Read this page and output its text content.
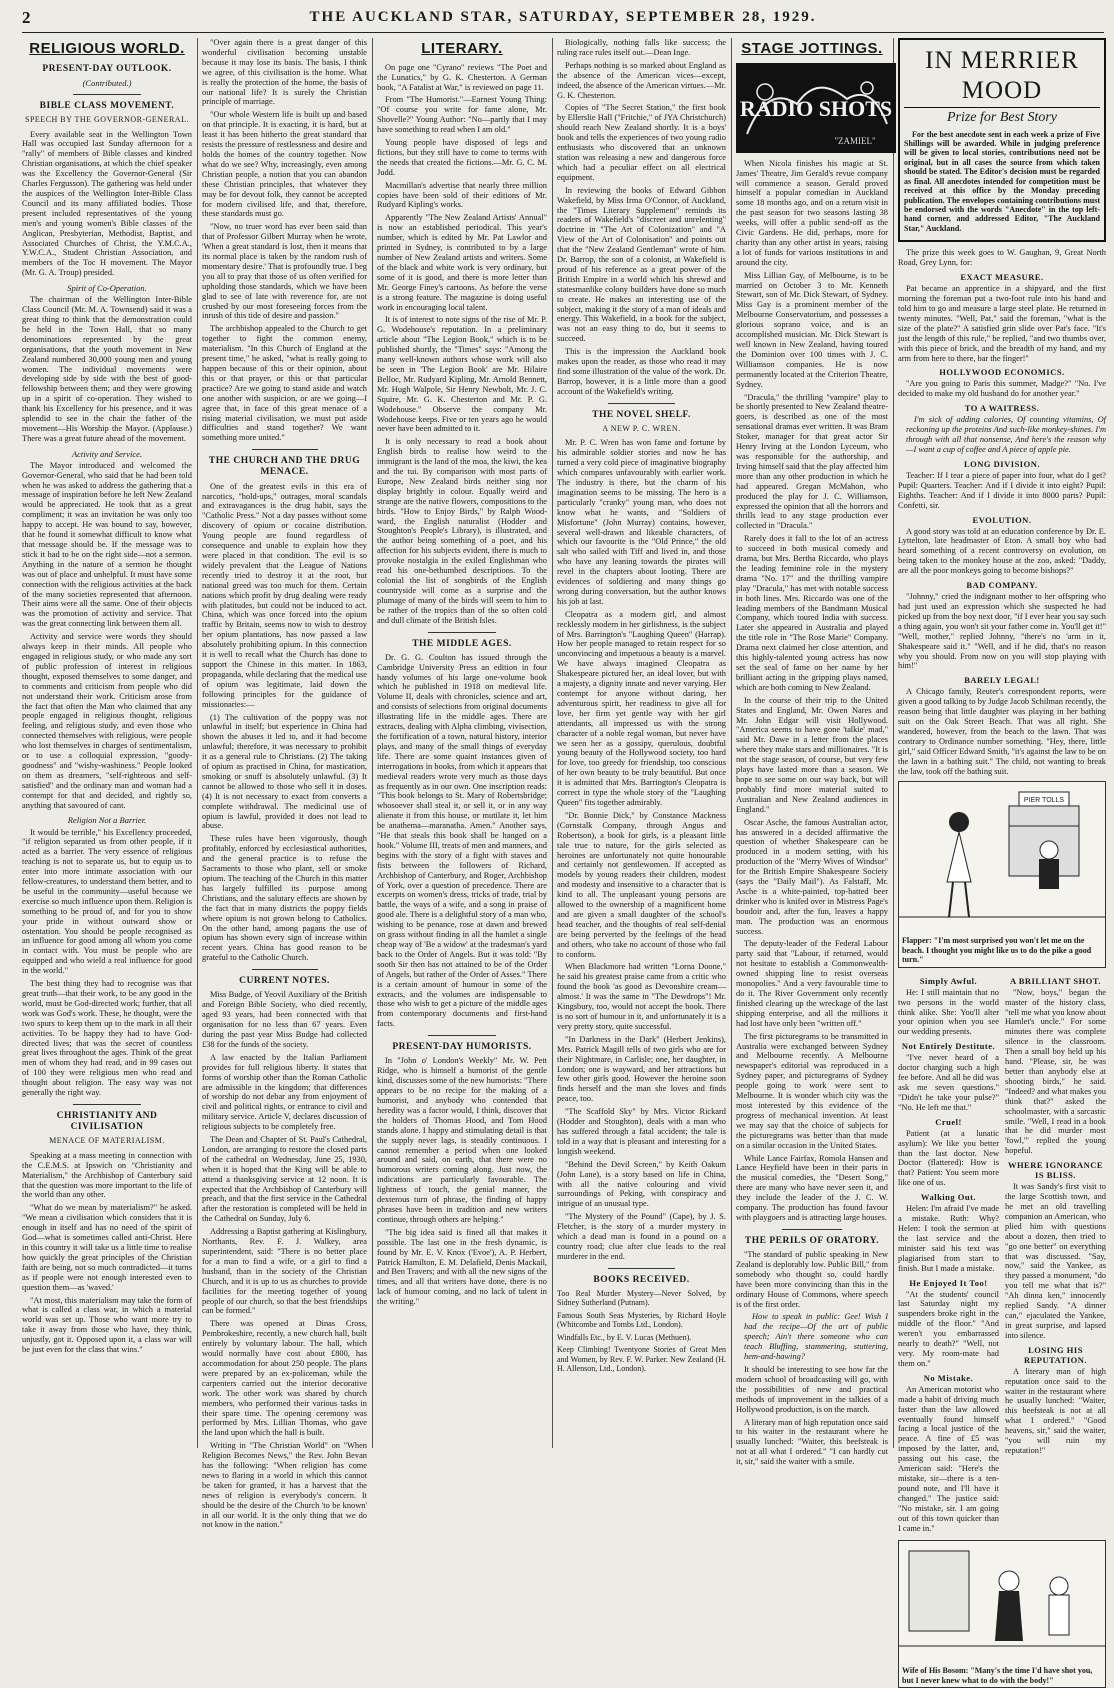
2	THE AUCKLAND STAR, SATURDAY, SEPTEMBER 28, 1929.
RELIGIOUS WORLD.
PRESENT-DAY OUTLOOK.
(Contributed.)
BIBLE CLASS MOVEMENT.
SPEECH BY THE GOVERNOR-GENERAL.

Every available seat in the Wellington Town Hall was occupied last Sunday afternoon for a "rally" of members of Bible classes and kindred Christian organisations, at which the chief speaker was the Excellency the Governor-General (Sir Charles Fergusson). The gathering was held under the auspices of the Wellington Inter-Bible Class Council and its many affiliated bodies. Those present included representatives of the young men's and young women's Bible classes of the Anglican, Presbyterian, Methodist, Baptist, and Associated Churches of Christ, the Y.M.C.A., Y.W.C.A., Student Christian Association, and members of the Toc H movement. The Mayor (Mr. G. A. Troup) presided.

Spirit of Co-Operation.

The chairman of the Wellington Inter-Bible Class Council (Mr. M. A. Townsend) said it was a great thing to think that the demonstration could be held in the Town Hall, that so many denominations represented by the great organisations, that the youth movement in New Zealand numbered 30,000 young men and young women. The individual movements were developing side by side with the best of good-fellowship between them; and they were growing up in a spirit of co-operation. They wished to thank his Excellency for his presence, and it was splendid to see in the chair the father of the movement—His Worship the Mayor. (Applause.) There was a great future ahead of the movement.

Activity and Service.

The Mayor introduced and welcomed the Governor-General, who said that he had been told when he was asked to address the gathering that a message of inspiration before he left New Zealand would be appreciated. He took that as a great compliment; it was an invitation he was only too happy to accept. He was bound to say, however, that he found it somewhat difficult to know what that message should be. If the message was to stick it had to be on the right side—not a sermon. Anything in the nature of a sermon he thought was out of place and unhelpful. It must have some connection with the religious activities at the back of the many societies represented that afternoon. Their aims were all the same. One of their objects was the promotion of activity and service. That was the great connecting link between them all.

Activity and service were words they should always keep in their minds. All people who engaged in religious study, or who made any sort of public profession of interest in religious thought, exposed themselves to some danger, and to comments and criticism from people who did not understand their work. Criticism arose from the fact that often the Man who claimed that any people engaged in religious thought, religious feeling, and religious study, and even those who connected themselves with religious, were people who lost themselves in charges of sentimentalism, or to use a colloquial expression, "goody-goodness" and "wishy-washiness." People looked on them as dreamers, "self-righteous and self-satisfied" and the ordinary man and woman had a contempt for that and decided, and rightly so, anything that savoured of cant.

Religion Not a Barrier.

It would be terrible," his Excellency proceeded, "if religion separated us from other people, if it acted as a barrier. The very essence of religious teaching is not to separate us, but to equip us to enter into more intimate association with our fellow-creatures, to understand them better, and to be useful in the community—useful because we exercise so much influence upon them. Religion is something to be proud of, and for you to show your pride in without outward show or ostentation. You should be people recognised as an influence for good among all whom you come in contact with. You must be people who are equipped and who wield a real influence for good in the world."

The best thing they had to recognise was that great truth—that their work, to be any good in the world, must be God-directed work; further, that all work was God's work. These, he thought, were the two spurs to keep them up to the mark in all their activities. To be happy they had to have God-directed lives; that was the secret of countless great lives throughout the ages. Think of the great men of whom they had read, and in 99 cases out of 100 they were religious men who read and thought about religion. The easy way was not generally the right way.

CHRISTIANITY AND CIVILISATION
MENACE OF MATERIALISM.

Speaking at a mass meeting in connection with the C.E.M.S. at Ipswich on "Christianity and Materialism," the Archbishop of Canterbury said that the question was more important to the life of the world than any other.

"What do we mean by materialism?" he asked. "We mean a civilisation which considers that it is enough in itself and has no need of the spirit of God—what is sometimes called anti-Christ. Here in this country it will take us a little time to realise how quickly the great principles of the Christian faith are being, not so much contradicted—it turns as if people were not enough interested even to question them—as 'waved.'

"At most, this materialism may take the form of what is called a class war, in which a material world was set up. Those who want more try to take it away from those who have, they think, unjustly, got it. Opposed upon it, a class war will be just even for the class that wins."

"Over again there is a great danger of this wonderful civilisation becoming unstable because it may lose its basis. The basis, I think we agree, of this civilisation is the home. What is really the protection of the home, the basis of our national life? It is surely the Christian principle of marriage.

"Our whole Western life is built up and based on that principle. It is exacting, it is hard, but at least it has been hitherto the great standard that resists the pressure of restlessness and desire and holds the homes of the country together. Now what do we see? Why, increasingly, even among Christian people, a notion that you can abandon these Christian principles, that whatever they may be for devout folk, they cannot be accepted for modern civilised life, and that, therefore, these standards must go.

"Now, no truer word has ever been said than that of Professor Gilbert Murray when he wrote, 'When a great standard is lost, then it means that its normal place is taken by the random rush of momentary desire.' That is profoundly true. I beg you all to pray that those of us often verified for upholding those standards, which we have been glad to see of late with reverence for, are not crushed by our most foreseeing forces from the inrush of this tide of desire and passion."

The archbishop appealed to the Church to get together to fight the common enemy, materialism. "In this Church of England at the present time," he asked, "what is really going to happen because of this or their opinion, about this or that prayer, or this or that particular practice? Are we going to stand aside and watch one another with suspicion, or are we going—I agree that, in face of this great menace of a rising material civilisation, we must put aside difficulties and stand together? We want something more united."

THE CHURCH AND THE DRUG MENACE.

One of the greatest evils in this era of narcotics, "hold-ups," outrages, moral scandals and extravagances is the drug habit, says the "Catholic Press." Not a day passes without some discovery of opium or cocaine distribution. Young people are found regardless of consequence and unable to explain how they were placed in that condition. The evil is so widely prevalent that the League of Nations recently tried to destroy it at the root, but national greed was too much for them. Certain nations which profit by drug dealing were ready with platitudes, but could not be induced to act. China, which was once forced into the opium traffic by Britain, seems now to wish to destroy her opium plantations, has now passed a law absolutely prohibiting opium. In this connection it is well to recall what the Church has done to support the Chinese in this matter. In 1863, propaganda, while declaring that the medical use of opium was legitimate, laid down the following principles for the guidance of missionaries:—

(1) The cultivation of the poppy was not unlawful in itself; but experience in China had shown the abuses it led to, and it had become unlawful; therefore, it was necessary to prohibit it as a general rule to Christians. (2) The taking of opium as practised in China, for mastication, smoking or snuff is absolutely unlawful. (3) It cannot be allowed to those who sell it in doses. (4) It is not necessary to exact from converts a complete withdrawal. The medicinal use of opium is lawful, provided it does not lead to abuse.

These rules have been vigorously, though profitably, enforced by ecclesiastical authorities, and the general practice is to refuse the Sacraments to those who plant, sell or smoke opium. The teaching of the Church in this matter has largely fulfilled its purpose among Christians, and the salutary effects are shown by the fact that in many districts the poppy fields where opium is not grown belong to Catholics. On the other hand, among pagans the use of opium has shown every sign of increase within recent years. China has good reason to be grateful to the Catholic Church.

CURRENT NOTES.

Miss Budge, of Yeovil Auxiliary of the British and Foreign Bible Society, who died recently, aged 93 years, had been connected with that organisation for no less than 67 years. Even during the past year Miss Budge had collected £38 for the funds of the society.

A law enacted by the Italian Parliament provides for full religious liberty. It states that forms of worship other than the Roman Catholic are admissible in the kingdom; that differences of worship do not debar any from enjoyment of civil and political rights, or entrance to civil and military service. Article V, declares discussion of religious subjects to be completely free.

The Dean and Chapter of St. Paul's Cathedral, London, are arranging to restore the closed parts of the cathedral on Wednesday, June 25, 1930, when it is hoped that the King will be able to attend a thanksgiving service at 12 noon. It is expected that the Archbishop of Canterbury will preach, and that the first service in the Cathedral after the restoration is completed will be held in the Cathedral on Sunday, July 6.

Addressing a Baptist gathering at Kislingbury, Northants, Rev. F. J. Walkey, area superintendent, said: "There is no better place for a man to find a wife, or a girl to find a husband, than in the society of the Christian Church, and it is up to us as churches to provide facilities for the meeting together of young people of our church, so that the best friendships can be formed."

There was opened at Dinas Cross, Pembrokeshire, recently, a new church hall, built entirely by voluntary labour. The hall, which would normally have cost about £800, has accommodation for about 250 people. The plans were prepared by an ex-policeman, while the carpenters carried out the interior decorative work. The other work was shared by church members, who performed their various tasks in their spare time. The opening ceremony was performed by Mrs. Lillian Thomas, who gave the land upon which the hall is built.

Writing in "The Christian World" on "When Religion Becomes News," the Rev. John Bevan has the following: "When religion has come news to flaring in a world in which this cannot be taken for granted, it has a harvest that the news of religion is everybody's concern. It should be the desire of the Church 'to be known' in all our world. It is the only thing that we do not know in the nation."

LITERARY.

On page one "Cyrano" reviews "The Poet and the Lunatics," by G. K. Chesterton. A German book, "A Fatalist at War," is reviewed on page 11.

From "The Humorist."—Earnest Young Thing: "Of course you write for fame alone, Mr. Shovelle?" Young Author: "No—partly that I may have something to read when I am old."

Young people have disposed of legs and fictions, but they still have to come to terms with the needs that created the fictions.—Mr. G. C. M. Judd.

Macmillan's advertise that nearly three million copies have been sold of their editions of Mr. Rudyard Kipling's works.

Apparently "The New Zealand Artists' Annual" is now an established periodical. This year's number, which is edited by Mr. Pat Lawlor and printed in Sydney, is contributed to by a large number of New Zealand artists and writers. Some of the black and white work is very ordinary, but some of it is good, and there is more letter than Mr. George Finey's cartoons. As before the verse is a strong feature. The magazine is doing useful work in encouraging local talent.

It is of interest to note signs of the rise of Mr. P. G. Wodehouse's reputation. In a preliminary article about "The Legion Book," which is to be published shortly, the "Times" says: "Among the many well-known authors whose work will also be seen in 'The Legion Book' are Mr. Hilaire Belloc, Mr. Rudyard Kipling, Mr. Arnold Bennett, Mr. Hugh Walpole, Sir Henry Newbolt, Mr. J. C. Squire, Mr. G. K. Chesterton and Mr. P. G. Wodehouse." Observe the company Mr. Wodehouse keeps. Five or ten years ago he would never have been admitted to it.

It is only necessary to read a book about English birds to realise how weird to the immigrant is the land of the moa, the kiwi, the kea and the tui. By comparison with most parts of Europe, New Zealand birds neither sing nor display brightly in colour. Equally weird and strange are the native flowers, compositions to the birds. "How to Enjoy Birds," by Ralph Wood-ward, the English naturalist (Hodder and Stoughton's People's Library), is illustrated, and the author being something of a poet, and his affection for his subjects evident, there is much to provoke nostalgia in the exiled Englishman who read his one-bethumbed descriptions. To the colonial the list of songbirds of the English countryside will come as a surprise and the plumage of many of the birds will seem to him to be rather of the tropics than of the so often cold and dull climate of the British Isles.

THE MIDDLE AGES.

Dr. G. G. Coulton has issued through the Cambridge University Press an edition in four handy volumes of his large one-volume book which he published in 1918 on medieval life. Volume II, deals with chronicles, science and art, and consists of selections from original documents illustrating life in the middle ages. There are extracts, dealing with Alpha climbing, vivisection, the fortification of a town, natural history, interior plays, and many of the small things of everyday life. There are some quaint instances given of interrogations in books, from which it appears that medieval readers wrote very much as those days as frequently as in our own. One inscription reads: "This book belongs to St. Mary of Robertsbridge; whosoever shall steal it, or sell it, or in any way alienate it from this house, or mutilate it, let him be anathema—maranatha. Amen." Another says, "He that steals this book shall be hanged on a hook." Volume III, treats of men and manners, and begins with the story of a fight with staves and fists between the followers of Richard, Archbishop of Canterbury, and Roger, Archbishop of York, over a question of precedence. There are excerpts on women's dress, tricks of trade, trial by battle, the ways of a wife, and a song in praise of good ale. There is a delightful story of a man who, wishing to be penance, rose at dawn and brewed on grass without finding in all the hamlet a single cheap way of 'Be a widow' at the tradesman's yard back to the Order of Angels. But it was told: "By sooth Sir then has not attained to be of the Order of Angels, but rather of the Order of Asses." There is a certain amount of humour in some of the extracts, and the volumes are indispensable to those who wish to get a picture of the middle ages from contemporary documents and first-hand facts.

PRESENT-DAY HUMORISTS.

In "John o' London's Weekly" Mr. W. Pett Ridge, who is himself a humorist of the gentle kind, discusses some of the new humorists: "There appears to be no recipe for the making of a humorist, and anybody who contended that heredity was a factor would, I think, discover that the holders of Thomas Hood, and Tom Hood stands alone. I happy and stimulating detail is that the supply never lags, is steadily continuous. I cannot remember a period when one looked around and said, on earth, that there were no humorous writers coming along. Just now, the indications are particularly favourable. The lightness of touch, the genial manner, the dexterous turn of phrase, the finding of happy phrases have been in tradition and new writers continue, through others are helping."

"The big idea said is fined all that makes it possible. The last one in the fresh dynamic, is found by Mr. E. V. Knox ('Evoe'), A. P. Herbert, Patrick Hamilton, E. M. Delafield, Denis Mackail, and Ben Travers; and with all the new signs of the times, and all that writers have done, there is no lack of humour coming, and no lack of talent in the writing."

Biologically, nothing falls like success; the ruling race rules itself out.—Dean Inge.

Perhaps nothing is so marked about England as the absence of the American vices—except, indeed, the absence of the American virtues.—Mr. G. K. Chesterton.

Copies of "The Secret Station," the first book by Ellerslie Hall ("Fritchie," of JYA Christchurch) should reach New Zealand shortly. It is a boys' book and tells the experiences of two young radio enthusiasts who discovered that an unknown station was releasing a new and dangerous force which had a peculiar effect on all electrical equipment.

In reviewing the books of Edward Gibbon Wakefield, by Miss Irma O'Connor, of Auckland, the "Times Literary Supplement" reminds its readers of Wakefield's "discreet and unrelenting" doctrine in "The Art of Colonization" and "A View of the Art of Colonisation" and points out that the "New Zealand Gentleman" wrote of him. Dr. Barrop, the son of a colonist, at Wakefield is proud of his reference as a great power of the British Empire in a world which his shrewd and statesmanlike colony builders have done so much to create. He makes an interesting use of the subject, making it the story of a man of ideals and energy. This Wakefield, in a book for the subject, was not an easy thing to do, but it seems to succeed.

This is the impression the Auckland book makes upon the reader, as those who read it may find some illustration of the value of the work. Dr. Barrop, however, it is a little more than a good account of the Wakefield's writing.

THE NOVEL SHELF.
A NEW P. C. WREN.

Mr. P. C. Wren has won fame and fortune by his admirable soldier stories and now he has turned a very cold piece of imaginative biography which compares unfavourably with earlier work. The industry is there, but the charm of his imagination seems to be missing. The hero is a particularly "cranky" young man, who does not know what he wants, and "Soldiers of Misfortune" (John Murray) contains, however, several well-drawn and likeable characters, of which our favourite is the "Old Prince," the old salt who sailed with Tiff and lived in, and those who have any leaning towards the pirates will revel in the chapters about looting. There are evidences of soldiering and many things go wrong during conversation, but the author knows his job at last.

Cleopatra as a modern girl, and almost recklessly modern in her girlishness, is the subject of Mrs. Barrington's "Laughing Queen" (Harrap). How her people managed to retain respect for so unconvincing and impetuous a beauty is a marvel. We have always imagined Cleopatra as Shakespeare pictured her, an ideal lover, but with a majesty, a dignity innate and never varying. Her contempt for anyone without daring, her adventurous spirit, her readiness to give all for love, her firm yet gentle way with her girl attendants, all impressed us with the strong character of a noble regal woman, but never have we seen her as a gossipy, querulous, doubtful young beauty of the Hollywood society, too hard for love, too greedy for friendship, too conscious of her own beauty to be truly beautiful. But once it is admitted that Mrs. Barrington's Cleopatra is correct in type the whole story of the "Laughing Queen" fits together admirably.

"Dr. Bonnie Dick," by Constance Mackness (Cornstalk Company, through Angus and Robertson), a book for girls, is a pleasant little tale true to nature, for the girls selected as heroines are unfortunately not quite honourable and certainly not gentlewomen. If accepted as models by young readers their children, modest and modesty and insensitive to a character that is kind to all. The unpleasant young persons are allowed to the ownership of a magnificent home and are given a small daughter of the school's head teacher, and the thoughts of real self-denial are being perverted by the feelings of the head and others, who take no account of those who fail to conform.

When Blackmore had written "Lorna Doone," he said his greatest praise came from a critic who found the book 'as good as Devonshire cream—almost.' It was the same in "The Dewdrops"! Mr. Kingsbury, too, would not accept the book. There is no sort of humour in it, and unfortunately it is a very pretty story, quite successful.

"In Darkness in the Dark" (Herbert Jenkins), Mrs. Patrick Magill tells of two girls who are for their Nightmare, in Carlisle; one, her daughter, in London; one is wayward, and her attractions but few other girls good. However the heroine soon finds herself and the man she loves and finds peace, too.

"The Scaffold Sky" by Mrs. Victor Rickard (Hodder and Stoughton), deals with a man who has suffered through a fatal accident; the tale is told in a way that is pleasant and interesting for a longish weekend.

"Behind the Devil Screen," by Keith Oakum (John Lane), is a story based on life in China, with all the native colouring and vivid surroundings of Peking, with conspiracy and intrigue of an unusual type.

"The Mystery of the Pound" (Cape), by J. S. Fletcher, is the story of a murder mystery in which a dead man is found in a pound on a country road; clue after clue leads to the real murderer in the end.

BOOKS RECEIVED.
Too Real Murder Mystery—Never Solved, by Sidney Sutherland (Putnam).
Famous South Seas Mysteries, by Richard Hoyle (Whitcombe and Tombs Ltd., London).
Windfalls Etc., by E. V. Lucas (Methuen).
Keep Climbing! Twentyone Stories of Great Men and Women, by Rev. F. W. Parker. New Zealand (H. H. Allenson, Ltd., London).
STAGE JOTTINGS.
RADIO SHOTS
"ZAMIEL"

When Nicola finishes his magic at St. James' Theatre, Jim Gerald's revue company will commence a season. Gerald proved himself a popular comedian in Auckland some 18 months ago, and on a return visit in the past season for two seasons lasting 38 weeks, will offer a public send-off as the Civic Gardens. He did, perhaps, more for charity than any other artist in years, raising a lot of funds for various institutions in and around the city.

Miss Lillian Gay, of Melbourne, is to be married on October 3 to Mr. Kenneth Stewart, son of Mr. Dick Stewart, of Sydney. Miss Gay is a prominent member of the Melbourne Conservatorium, and possesses a glorious soprano voice, and is an accomplished musician. Mr. Dick Stewart is well known in New Zealand, having toured the Dominion over 100 times with J. C. Williamson companies. He is now permanently located at the Criterion Theatre, Sydney.

"Dracula," the thrilling "vampire" play to be shortly presented to New Zealand theatre-goers, is described as one of the most sensational dramas ever written. It was Bram Stoker, manager for that great actor Sir Henry Irving at the London Lyceum, who was responsible for the authorship, and Irving himself said that the play affected him more than any other production in which he had appeared. Gregan McMahon, who produced the play for J. C. Williamson, expressed the opinion that all the horrors and thrills lead to any stage production ever collected in "Dracula."

Rarely does it fall to the lot of an actress to succeed in both musical comedy and drama, but Mrs. Bertha Riccardo, who plays the leading feminine role in the mystery drama "No. 17" and the thrilling vampire play "Dracula," has met with notable success in both lines. Mrs. Riccardo was one of the leading members of the Bandmann Musical Company, which toured India with success. Later she appeared in Australia and played the title role in "The Rose Marie" Company. Drama next claimed her close attention, and this highly-talented young actress has now set the seal of fame on her name by her brilliant acting in the gripping plays named, which are both coming to New Zealand.

In the course of their trip to the United States and England, Mr. Owen Nares and Mr. John Edgar will visit Hollywood. "America seems to have gone 'talkie' mad," said Mr. Dawe in a letter from the places where they make stars and millionaires. "It is not the stage season, of course, but very few plays have lasted more than a season. We hope to see some on our way back, but will probably find more material suited to Australian and New Zealand audiences in England."

Oscar Asche, the famous Australian actor, has answered in a decided affirmative the question of whether Shakespeare can be produced in a modern setting, with his production of the "Merry Wives of Windsor" for the British Empire Shakespeare Society (says the "Daily Mail"). As Falstaff, Mr. Asche is a white-painted, top-hatted beer drinker who is knifed over in Mistress Page's boudoir and, after the fun, leaves a happy man. The production was an enormous success.

The deputy-leader of the Federal Labour party said that "Labour, if returned, would not hesitate to establish a Commonwealth-owned shipping line to resist overseas monopolies." And a very favourable time to do it. The River Government only recently finished clearing up the wreckage of the last shipping enterprise, and all the millions it had lost have only been "written off."

The first picturegrams to be transmitted in Australia were exchanged between Sydney and Melbourne recently. A Melbourne newspaper's editorial was reproduced in a Sydney paper, and picturegrams of Sydney people going to work were sent to Melbourne. It is wonder which city was the most interested by this evidence of the progress of mechanical invention. At least we may say that the choice of subjects for the picturegrams was better than that made on a similar occasion in the United States.

While Lance Fairfax, Romola Hansen and Lance Heyfield have been in their parts in the musical comedies, the "Desert Song," there are many who have never seen it, and they include the leader of the J. C. W. company. The production has found favour with playgoers and is attracting large houses.

THE PERILS OF ORATORY.

"The standard of public speaking in New Zealand is deplorably low. Public Bill," from somebody who thought so, could hardly have been more convincing than this in the ordinary House of Commons, where speech is of the first order.

How to speak in public: Gee! Wish I had the recipe—Of the art of public speech; Ain't there someone who can teach Bluffing, stammering, stuttering, hem-and-hawing?

It should be interesting to see how far the modern school of broadcasting will go, with the possibilities of new and practical methods of improvement in the talkies of a Hollywood production, is on the march.

A literary man of high reputation once said to his waiter in the restaurant where he usually lunched: "Waiter, this beefsteak is not at all what I ordered." "I can hardly cut it, sir," said the waiter with a smile.

IN MERRIER MOOD
Prize for Best Story

For the best anecdote sent in each week a prize of Five Shillings will be awarded. While in judging preference will be given to local stories, contributions need not be original, but in all cases the source from which taken should be stated. The Editor's decision must be regarded as final. All anecdotes intended for competition must be received at this office by the Monday preceding publication. The envelopes containing contributions must be endorsed with the words "Anecdote" in the top left-hand corner, and addressed Editor, "The Auckland Star," Auckland.

The prize this week goes to W. Gaughan, 9, Great North Road, Grey Lynn, for:

EXACT MEASURE.

Pat became an apprentice in a shipyard, and the first morning the foreman put a two-foot rule into his hand and told him to go and measure a large steel plate. He returned in twenty minutes. "Well, Pat," said the foreman, "what is the size of the plate?" A satisfied grin slide over Pat's face. "It's just the length of this rule," he replied, "and two thumbs over, with this piece of brick, and the breadth of my hand, and my arm from here to there, bar the finger!"

HOLLYWOOD ECONOMICS.

"Are you going to Paris this summer, Madge?" "No. I've decided to make my old husband do for another year."

TO A WAITRESS.

I'm sick of adding calories, Of counting vitamins, Of reckoning up the proteins And such-like monkey-shines. I'm through with all that nonsense, And here's the reason why—I want a cup of coffee and A piece of apple pie.

LONG DIVISION.

Teacher: If I tear a piece of paper into four, what do I get? Pupil: Quarters. Teacher: And if I divide it into eight? Pupil: Eighths. Teacher: And if I divide it into 8000 parts? Pupil: Confetti, sir.

EVOLUTION.

A good story was told at an education conference by Dr. E. Lyttelton, late headmaster of Eton. A small boy who had heard something of a recent controversy on evolution, on being taken to the monkey house at the zoo, asked: "Daddy, are all the poor monkeys going to become bishops?"

BAD COMPANY.

"Johnny," cried the indignant mother to her offspring who had just used an expression which she suspected he had picked up from the boy next door, "if I ever hear you say such a thing again, you won't sit your father come in. You'll get it!" "Well, mother," replied Johnny, "there's no 'arm in it, Shakespeare said it." "Well, and if he did, that's no reason why you should. From now on you will stop playing with him!"

BARELY LEGAL!

A Chicago family, Reuter's correspondent reports, were given a good talking to by Judge Jacob Schilman recently, the reason being that little daughter was playing in her bathing suit on the Oak Street Beach. That was all right. She wandered, however, from the beach to the lawn. That was contrary to Ordinance number something. "Hey, there, little girl," said Officer Edward Smith, "it's against the law to be on the lawn in a bathing suit." The child, not wanting to break the law, took off the bathing suit.

PIER TOLLS
Flapper: "I'm most surprised you won't let me on the beach. I thought you might like us to do the pike a good turn."
Simply Awful.

He: I still maintain that no two persons in the world think alike. She: You'll alter your opinion when you see our wedding presents.

Not Entirely Destitute.

"I've never heard of a doctor charging such a high fee before. And all he did was ask me seven questions." "Didn't he take your pulse?" "No. He left me that."

Cruel!

Patient (at a lunatic asylum): We like you better than the last doctor. New Doctor (flattered): How is that? Patient: You seem more like one of us.

Walking Out.

Helen: I'm afraid I've made a mistake. Ruth: Why? Helen: I took the sermon at the last service and the minister said his text was plagiarised from start to finish. But I made a mistake.

He Enjoyed It Too!

"At the students' council last Saturday night my suspenders broke right in the middle of the floor." "And weren't you embarrassed nearly to death?" "Well, not very. My room-mate had them on."

No Mistake.

An American motorist who made a habit of driving much faster than the law allowed eventually found himself facing a local justice of the peace. A fine of £5 was imposed by the latter, and, passing out his case, the American said: "Here's the mistake, sir—there is a ten-pound note, and I'll have it changed." The justice said: "No mistake, sir. I am going out of this town quicker than I came in."

A BRILLIANT SHOT.

"Now, boys," began the master of the history class, "tell me what you know about Hamlet's uncle." For some minutes there was complete silence in the classroom. Then a small boy held up his hand. "Please, sir, he was better than anybody else at shooting birds," he said. "Indeed? and what makes you think that?" asked the schoolmaster, with a sarcastic smile. "Well, I read in a book that he did murder most 'fowl,'" replied the young hopeful.

WHERE IGNORANCE IS BLISS.

It was Sandy's first visit to the large Scottish town, and he met an old travelling companion an American, who plied him with questions about a dozen, then tried to "go one better" on everything that was discussed. "Say, now," said the Yankee, as they passed a monument, "do you tell me what that is?" "Ah dinna ken," innocently replied Sandy. "A dinner can," ejaculated the Yankee, in great surprise, and lapsed into silence.

LOSING HIS REPUTATION.

A literary man of high reputation once said to the waiter in the restaurant where he usually lunched: "Waiter, this beefsteak is not at all what I ordered." "Good heavens, sir," said the waiter, "you will ruin my reputation!"

Wife of His Bosom: "Many's the time I'd have shot you, but I never knew what to do with the body!"
